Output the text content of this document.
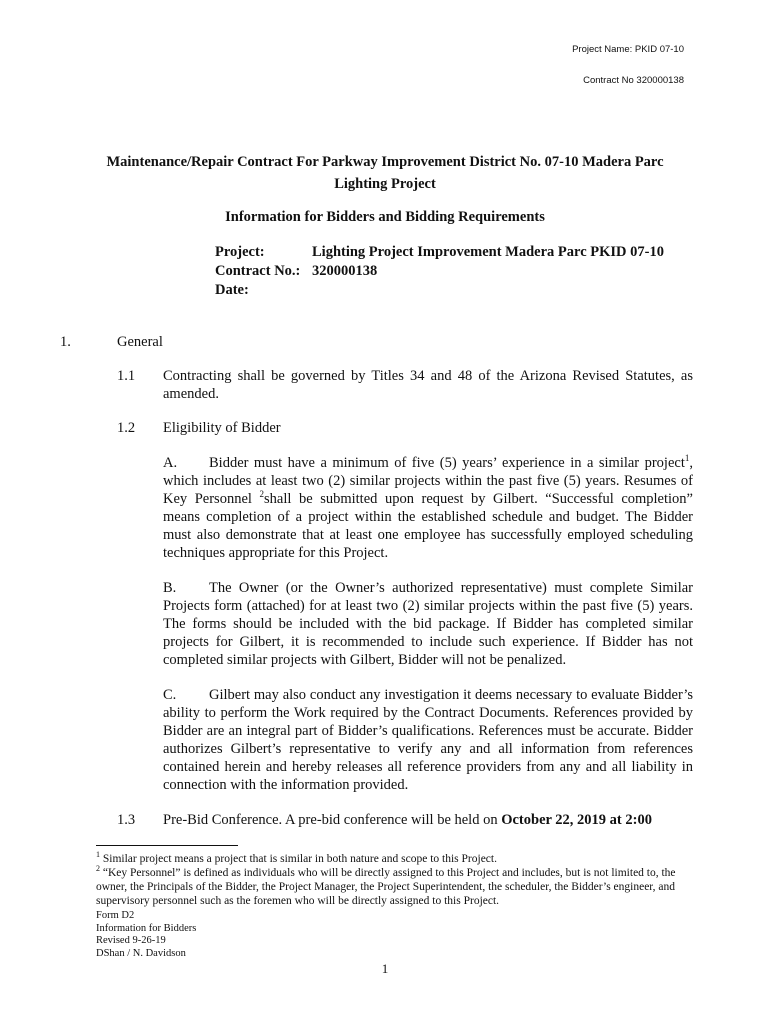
Project Name: PKID 07-10
Contract No 320000138
Maintenance/Repair Contract For Parkway Improvement District No. 07-10 Madera Parc
Lighting Project
Information for Bidders and Bidding Requirements
Project:	Lighting Project Improvement Madera Parc PKID 07-10
Contract No.: 320000138
Date:
1.	General
1.1 Contracting shall be governed by Titles 34 and 48 of the Arizona Revised Statutes, as amended.
1.2 Eligibility of Bidder
A. Bidder must have a minimum of five (5) years’ experience in a similar project$^1$, which includes at least two (2) similar projects within the past five (5) years. Resumes of Key Personnel $^2$shall be submitted upon request by Gilbert. “Successful completion” means completion of a project within the established schedule and budget. The Bidder must also demonstrate that at least one employee has successfully employed scheduling techniques appropriate for this Project.
B. The Owner (or the Owner’s authorized representative) must complete Similar Projects form (attached) for at least two (2) similar projects within the past five (5) years. The forms should be included with the bid package. If Bidder has completed similar projects for Gilbert, it is recommended to include such experience. If Bidder has not completed similar projects with Gilbert, Bidder will not be penalized.
C. Gilbert may also conduct any investigation it deems necessary to evaluate Bidder’s ability to perform the Work required by the Contract Documents. References provided by Bidder are an integral part of Bidder’s qualifications. References must be accurate. Bidder authorizes Gilbert’s representative to verify any and all information from references contained herein and hereby releases all reference providers from any and all liability in connection with the information provided.
1.3 Pre-Bid Conference. A pre-bid conference will be held on October 22, 2019 at 2:00
$^1$ Similar project means a project that is similar in both nature and scope to this Project.
$^2$ “Key Personnel” is defined as individuals who will be directly assigned to this Project and includes, but is not limited to, the owner, the Principals of the Bidder, the Project Manager, the Project Superintendent, the scheduler, the Bidder’s engineer, and supervisory personnel such as the foremen who will be directly assigned to this Project.
Form D2
Information for Bidders
Revised 9-26-19
DShan / N. Davidson
1
